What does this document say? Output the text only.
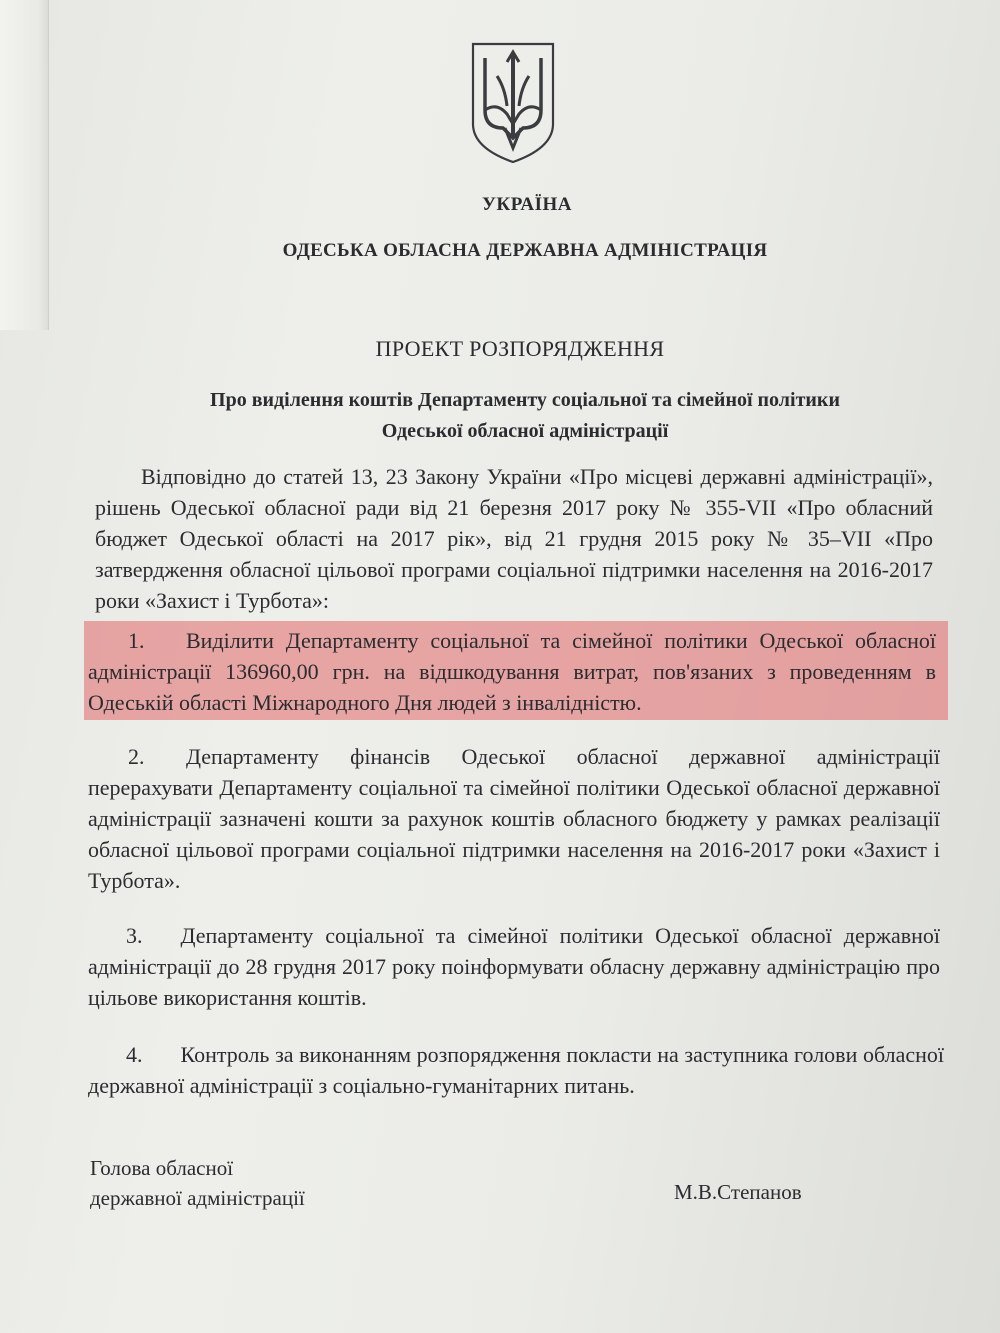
УКРАЇНА
ОДЕСЬКА ОБЛАСНА ДЕРЖАВНА АДМІНІСТРАЦІЯ
ПРОЕКТ РОЗПОРЯДЖЕННЯ
Про виділення коштів Департаменту соціальної та сімейної політики
Одеської обласної адміністрації
Відповідно до статей 13, 23 Закону України «Про місцеві державні адміністрації», рішень Одеської обласної ради від 21 березня 2017 року № 355-VII «Про обласний бюджет Одеської області на 2017 рік», від 21 грудня 2015 року № 35–VII «Про затвердження обласної цільової програми соціальної підтримки населення на 2016-2017 роки «Захист і Турбота»:
1. Виділити Департаменту соціальної та сімейної політики Одеської обласної адміністрації 136960,00 грн. на відшкодування витрат, пов'язаних з проведенням в Одеській області Міжнародного Дня людей з інвалідністю.
2. Департаменту фінансів Одеської обласної державної адміністрації перерахувати Департаменту соціальної та сімейної політики Одеської обласної державної адміністрації зазначені кошти за рахунок коштів обласного бюджету у рамках реалізації обласної цільової програми соціальної підтримки населення на 2016-2017 роки «Захист і Турбота».
3. Департаменту соціальної та сімейної політики Одеської обласної державної адміністрації до 28 грудня 2017 року поінформувати обласну державну адміністрацію про цільове використання коштів.
4. Контроль за виконанням розпорядження покласти на заступника голови обласної державної адміністрації з соціально-гуманітарних питань.
Голова обласної
державної адміністрації	М.В.Степанов
